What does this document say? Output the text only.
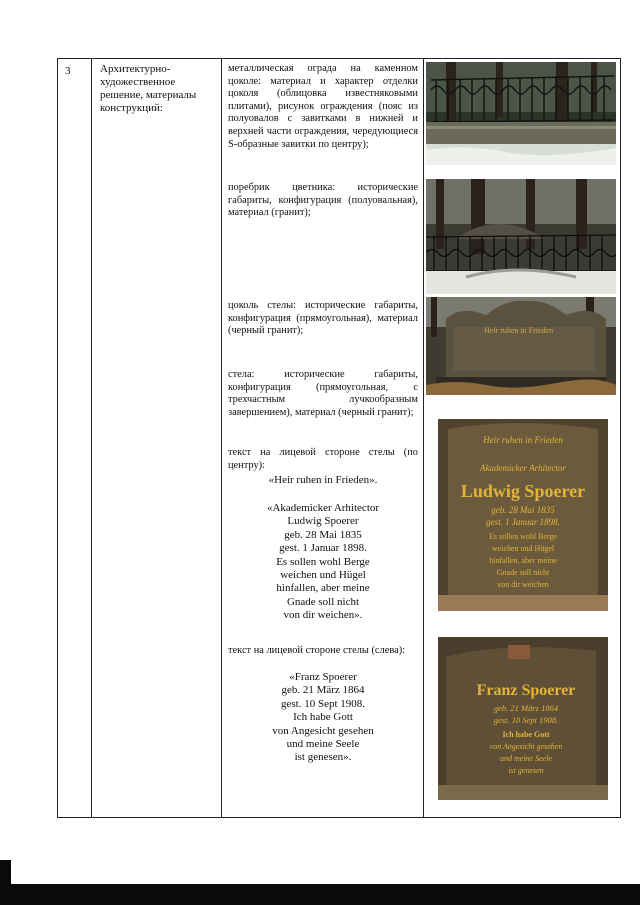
3	Архитектурно-художественное решение, материалы конструкций:
металлическая ограда на каменном цоколе: материал и характер отделки цоколя (облицовка известняковыми плитами), рисунок ограждения (пояс из полуовалов с завитками в нижней и верхней части ограждения, чередующиеся S-образные завитки по центру);
поребрик цветника: исторические габариты, конфигурация (полуовальная), материал (гранит);
цоколь стелы: исторические габариты, конфигурация (прямоугольная), материал (черный гранит);
стела: исторические габариты, конфигурация (прямоугольная, с трехчастным лучкообразным завершением), материал (черный гранит);

текст на лицевой стороне стелы (по центру):

«Heir ruhen in Frieden».
«Akademicker Arhitector
Ludwig Spoerer
geb. 28 Mai 1835
gest. 1 Januar 1898.
Es sollen wohl Berge
weichen und Hügel
hinfallen, aber meine
Gnade soll nicht
von dir weichen».
текст на лицевой стороне стелы (слева):
«Franz Spoerer
geb. 21 März 1864
gest. 10 Sept 1908.
Ich habe Gott
von Angesicht gesehen
und meine Seele
ist genesen».
Heir ruhen in Frieden
Heir ruhen in Frieden
Akademicker Arhitector
Ludwig Spoerer
geb. 28 Mai 1835
gest. 1 Januar 1898.
Es sollen wohl Berge
weichen und Hügel
hinfallen, aber meine
Gnade soll nicht
von dir weichen
Franz Spoerer
geb. 21 März 1864
gest. 10 Sept 1908.
Ich habe Gott
von Angesicht gesehen
und meine Seele
ist genesen
